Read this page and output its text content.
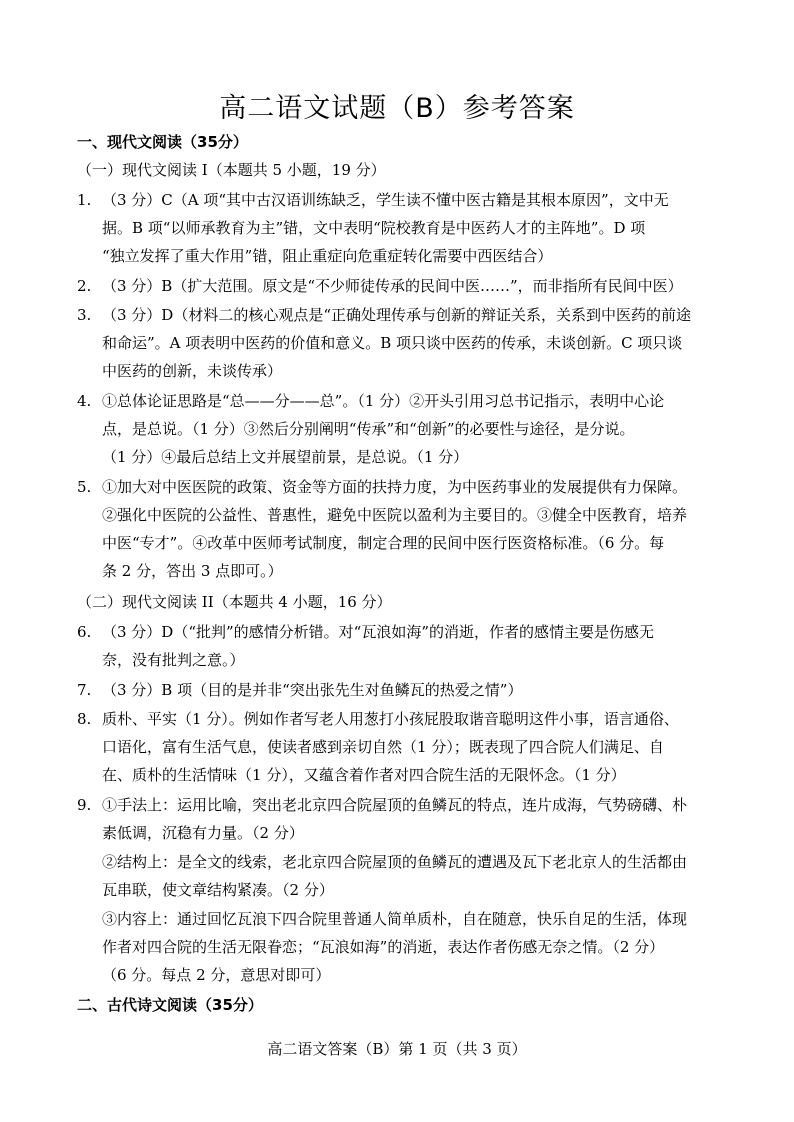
高二语文试题（B）参考答案
一、现代文阅读（35分）
（一）现代文阅读 I（本题共 5 小题，19 分）
1. （3 分）C（A 项“其中古汉语训练缺乏，学生读不懂中医古籍是其根本原因”，文中无
据。B 项“以师承教育为主”错，文中表明“院校教育是中医药人才的主阵地”。D 项
“独立发挥了重大作用”错，阻止重症向危重症转化需要中西医结合）
2. （3 分）B（扩大范围。原文是“不少师徒传承的民间中医……”，而非指所有民间中医）
3. （3 分）D（材料二的核心观点是“正确处理传承与创新的辩证关系，关系到中医药的前途
和命运”。A 项表明中医药的价值和意义。B 项只谈中医药的传承，未谈创新。C 项只谈
中医药的创新，未谈传承）
4. ①总体论证思路是“总——分——总”。（1 分）②开头引用习总书记指示，表明中心论
点，是总说。（1 分）③然后分别阐明“传承”和“创新”的必要性与途径，是分说。
（1 分）④最后总结上文并展望前景，是总说。（1 分）
5. ①加大对中医医院的政策、资金等方面的扶持力度，为中医药事业的发展提供有力保障。
②强化中医院的公益性、普惠性，避免中医院以盈利为主要目的。③健全中医教育，培养
中医“专才”。④改革中医师考试制度，制定合理的民间中医行医资格标准。（6 分。每
条 2 分，答出 3 点即可。）
（二）现代文阅读 II（本题共 4 小题，16 分）
6. （3 分）D（“批判”的感情分析错。对“瓦浪如海”的消逝，作者的感情主要是伤感无
奈，没有批判之意。）
7. （3 分）B 项（目的是并非“突出张先生对鱼鳞瓦的热爱之情”）
8. 质朴、平实（1 分）。例如作者写老人用葱打小孩屁股取谐音聪明这件小事，语言通俗、
口语化，富有生活气息，使读者感到亲切自然（1 分）；既表现了四合院人们满足、自
在、质朴的生活情味（1 分），又蕴含着作者对四合院生活的无限怀念。（1 分）
9. ①手法上：运用比喻，突出老北京四合院屋顶的鱼鳞瓦的特点，连片成海，气势磅礴、朴
素低调，沉稳有力量。（2 分）
②结构上：是全文的线索，老北京四合院屋顶的鱼鳞瓦的遭遇及瓦下老北京人的生活都由
瓦串联，使文章结构紧凑。（2 分）
③内容上：通过回忆瓦浪下四合院里普通人简单质朴，自在随意，快乐自足的生活，体现
作者对四合院的生活无限眷恋；“瓦浪如海”的消逝，表达作者伤感无奈之情。（2 分）
（6 分。每点 2 分，意思对即可）
二、古代诗文阅读（35分）
高二语文答案（B）第 1 页（共 3 页）
